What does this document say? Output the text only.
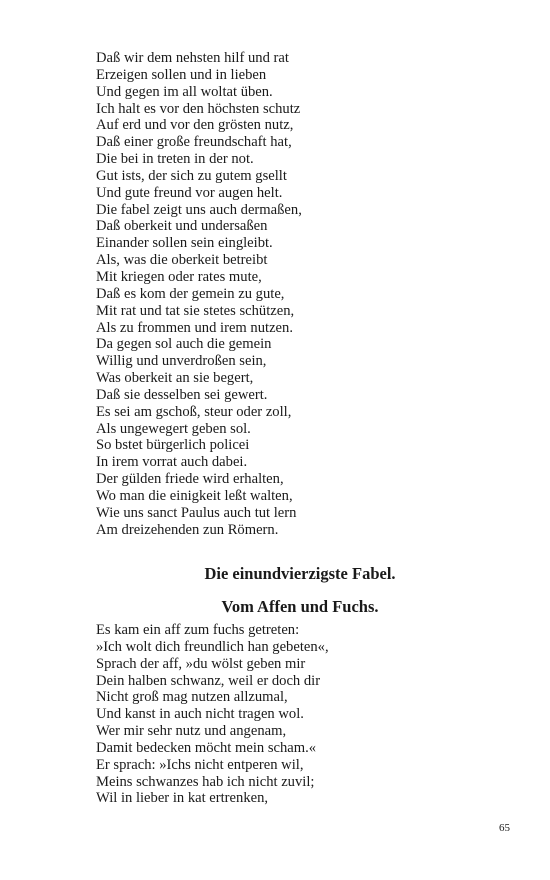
Daß wir dem nehsten hilf und rat
Erzeigen sollen und in lieben
Und gegen im all woltat üben.
Ich halt es vor den höchsten schutz
Auf erd und vor den grösten nutz,
Daß einer große freundschaft hat,
Die bei in treten in der not.
Gut ists, der sich zu gutem gsellt
Und gute freund vor augen helt.
Die fabel zeigt uns auch dermaßen,
Daß oberkeit und undersaßen
Einander sollen sein eingleibt.
Als, was die oberkeit betreibt
Mit kriegen oder rates mute,
Daß es kom der gemein zu gute,
Mit rat und tat sie stetes schützen,
Als zu frommen und irem nutzen.
Da gegen sol auch die gemein
Willig und unverdroßen sein,
Was oberkeit an sie begert,
Daß sie desselben sei gewert.
Es sei am gschoß, steur oder zoll,
Als ungewegert geben sol.
So bstet bürgerlich policei
In irem vorrat auch dabei.
Der gülden friede wird erhalten,
Wo man die einigkeit leßt walten,
Wie uns sanct Paulus auch tut lern
Am dreizehenden zun Römern.
Die einundvierzigste Fabel.
Vom Affen und Fuchs.
Es kam ein aff zum fuchs getreten:
»Ich wolt dich freundlich han gebeten«,
Sprach der aff, »du wölst geben mir
Dein halben schwanz, weil er doch dir
Nicht groß mag nutzen allzumal,
Und kanst in auch nicht tragen wol.
Wer mir sehr nutz und angenam,
Damit bedecken möcht mein scham.«
Er sprach: »Ichs nicht entperen wil,
Meins schwanzes hab ich nicht zuvil;
Wil in lieber in kat ertrenken,
65
